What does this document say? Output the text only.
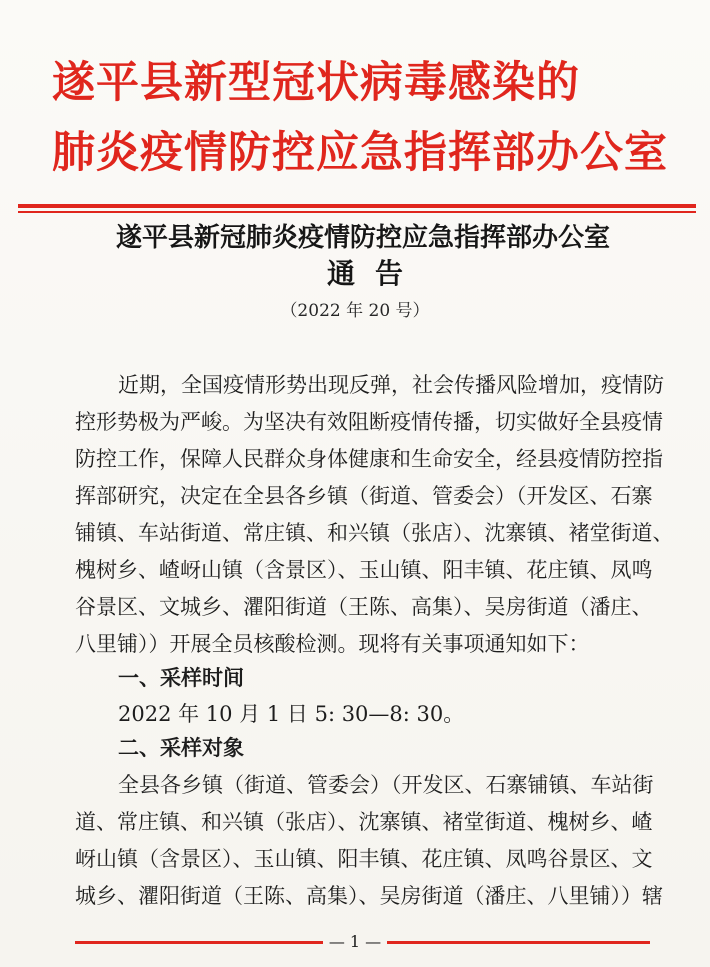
遂平县新型冠状病毒感染的
肺炎疫情防控应急指挥部办公室
遂平县新冠肺炎疫情防控应急指挥部办公室
通告
（2022 年 20 号）
近期，全国疫情形势出现反弹，社会传播风险增加，疫情防
控形势极为严峻。为坚决有效阻断疫情传播，切实做好全县疫情
防控工作，保障人民群众身体健康和生命安全，经县疫情防控指
挥部研究，决定在全县各乡镇（街道、管委会）（开发区、石寨
铺镇、车站街道、常庄镇、和兴镇（张店）、沈寨镇、褚堂街道、
槐树乡、嵖岈山镇（含景区）、玉山镇、阳丰镇、花庄镇、凤鸣
谷景区、文城乡、灈阳街道（王陈、高集）、吴房街道（潘庄、
八里铺））开展全员核酸检测。现将有关事项通知如下：
一、采样时间
2022 年 10 月 1 日 5: 30—8: 30。
二、采样对象
全县各乡镇（街道、管委会）（开发区、石寨铺镇、车站街
道、常庄镇、和兴镇（张店）、沈寨镇、褚堂街道、槐树乡、嵖
岈山镇（含景区）、玉山镇、阳丰镇、花庄镇、凤鸣谷景区、文
城乡、灈阳街道（王陈、高集）、吴房街道（潘庄、八里铺））辖
— 1 —
